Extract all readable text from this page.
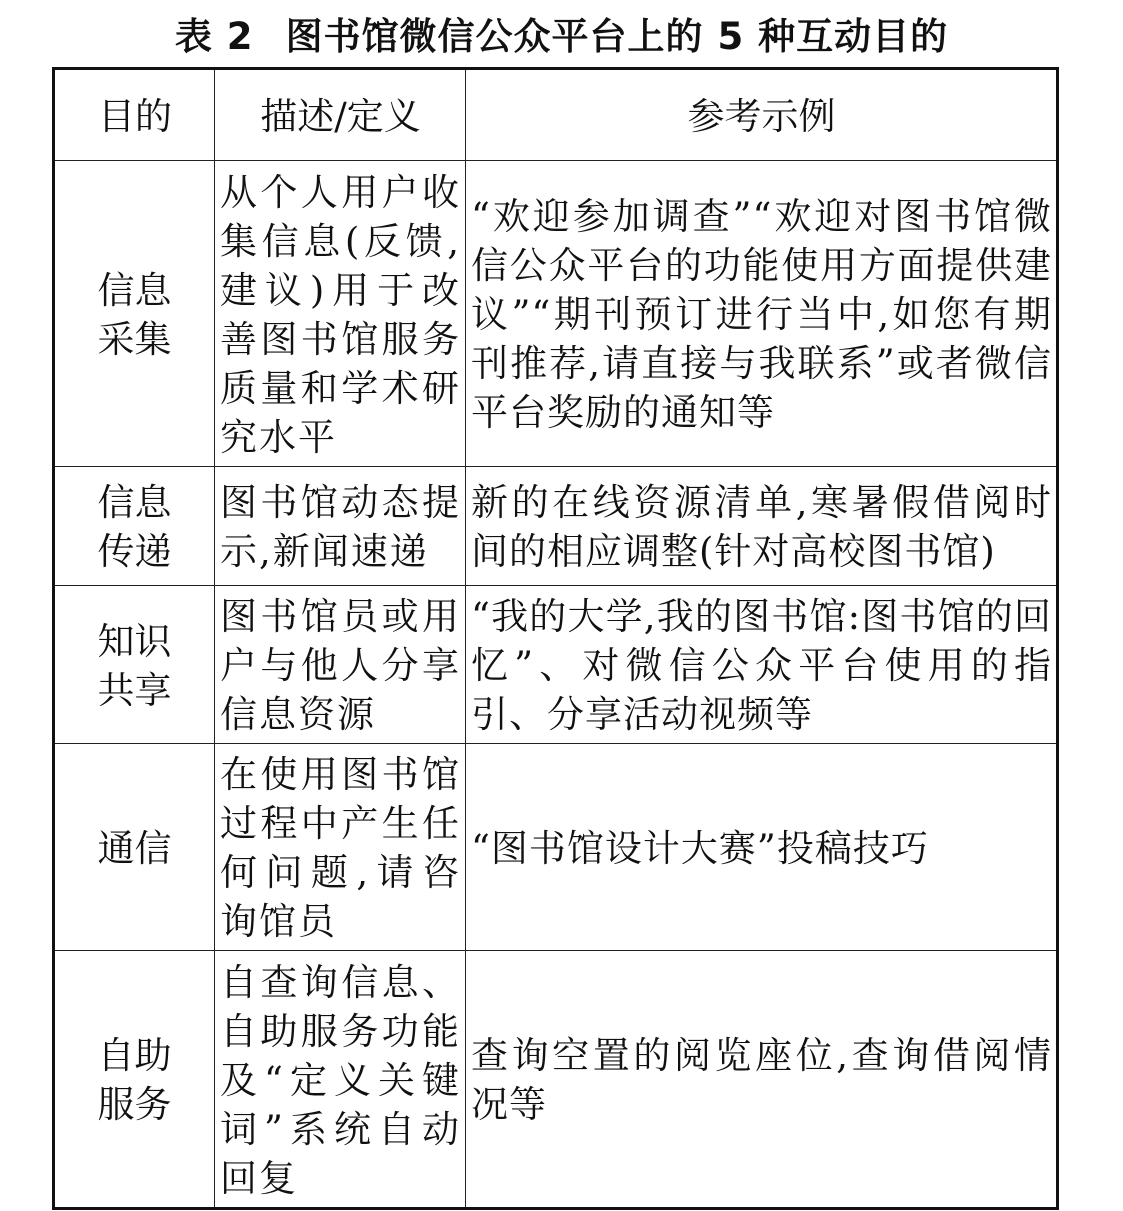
表 2 图书馆微信公众平台上的 5 种互动目的
目的	描述/定义	参考示例

信息采集	从个人用户收集信息(反馈,建议)用于改善图书馆服务质量和学术研究水平	“欢迎参加调查”“欢迎对图书馆微信公众平台的功能使用方面提供建议”“期刊预订进行当中,如您有期刊推荐,请直接与我联系”或者微信平台奖励的通知等

信息传递	图书馆动态提示,新闻速递	新的在线资源清单,寒暑假借阅时间的相应调整(针对高校图书馆)

知识共享	图书馆员或用户与他人分享信息资源	“我的大学,我的图书馆:图书馆的回忆”、对微信公众平台使用的指引、分享活动视频等

通信	在使用图书馆过程中产生任何问题,请咨询馆员	“图书馆设计大赛”投稿技巧

自助服务	自查询信息、自助服务功能及“定义关键词”系统自动回复	查询空置的阅览座位,查询借阅情况等
